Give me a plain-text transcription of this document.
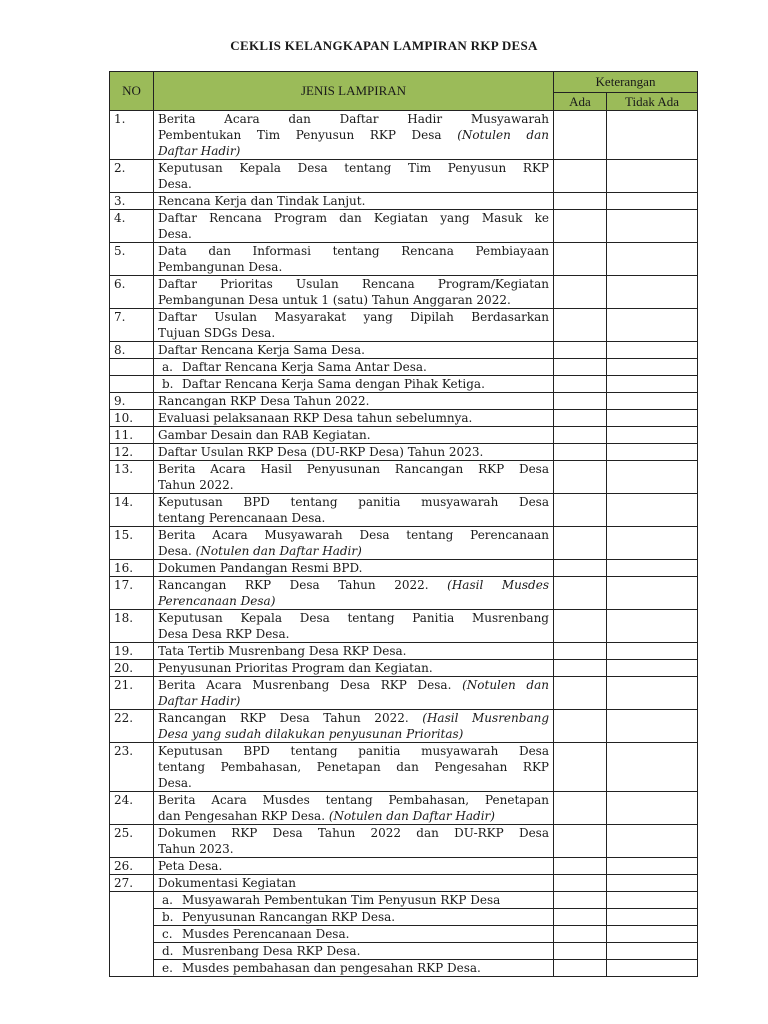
CEKLIS KELANGKAPAN LAMPIRAN RKP DESA
NO	JENIS LAMPIRAN	Keterangan	
		Ada	Tidak Ada
1.	Berita Acara dan Daftar Hadir Musyawarah
Pembentukan Tim Penyusun RKP Desa (Notulen dan
Daftar Hadir)		

2.	Keputusan Kepala Desa tentang Tim Penyusun RKP
Desa.		

3.	Rencana Kerja dan Tindak Lanjut.		

4.	Daftar Rencana Program dan Kegiatan yang Masuk ke
Desa.		

5.	Data dan Informasi tentang Rencana Pembiayaan
Pembangunan Desa.		

6.	Daftar Prioritas Usulan Rencana Program/Kegiatan
Pembangunan Desa untuk 1 (satu) Tahun Anggaran 2022.		

7.	Daftar Usulan Masyarakat yang Dipilah Berdasarkan
Tujuan SDGs Desa.		

8.	Daftar Rencana Kerja Sama Desa.		

	a. Daftar Rencana Kerja Sama Antar Desa.		

	b. Daftar Rencana Kerja Sama dengan Pihak Ketiga.		

9.	Rancangan RKP Desa Tahun 2022.		

10.	Evaluasi pelaksanaan RKP Desa tahun sebelumnya.		

11.	Gambar Desain dan RAB Kegiatan.		

12.	Daftar Usulan RKP Desa (DU-RKP Desa) Tahun 2023.		

13.	Berita Acara Hasil Penyusunan Rancangan RKP Desa
Tahun 2022.		

14.	Keputusan BPD tentang panitia musyawarah Desa
tentang Perencanaan Desa.		

15.	Berita Acara Musyawarah Desa tentang Perencanaan
Desa. (Notulen dan Daftar Hadir)		

16.	Dokumen Pandangan Resmi BPD.		

17.	Rancangan RKP Desa Tahun 2022. (Hasil Musdes
Perencanaan Desa)		

18.	Keputusan Kepala Desa tentang Panitia Musrenbang
Desa Desa RKP Desa.		

19.	Tata Tertib Musrenbang Desa RKP Desa.		

20.	Penyusunan Prioritas Program dan Kegiatan.		

21.	Berita Acara Musrenbang Desa RKP Desa. (Notulen dan
Daftar Hadir)		

22.	Rancangan RKP Desa Tahun 2022. (Hasil Musrenbang
Desa yang sudah dilakukan penyusunan Prioritas)		

23.	Keputusan BPD tentang panitia musyawarah Desa
tentang Pembahasan, Penetapan dan Pengesahan RKP
Desa.		

24.	Berita Acara Musdes tentang Pembahasan, Penetapan
dan Pengesahan RKP Desa. (Notulen dan Daftar Hadir)		

25.	Dokumen RKP Desa Tahun 2022 dan DU-RKP Desa
Tahun 2023.		

26.	Peta Desa.		

27.	Dokumentasi Kegiatan		

	a. Musyawarah Pembentukan Tim Penyusun RKP Desa		

	b. Penyusunan Rancangan RKP Desa.		

	c. Musdes Perencanaan Desa.		

	d. Musrenbang Desa RKP Desa.		

	e. Musdes pembahasan dan pengesahan RKP Desa.		
